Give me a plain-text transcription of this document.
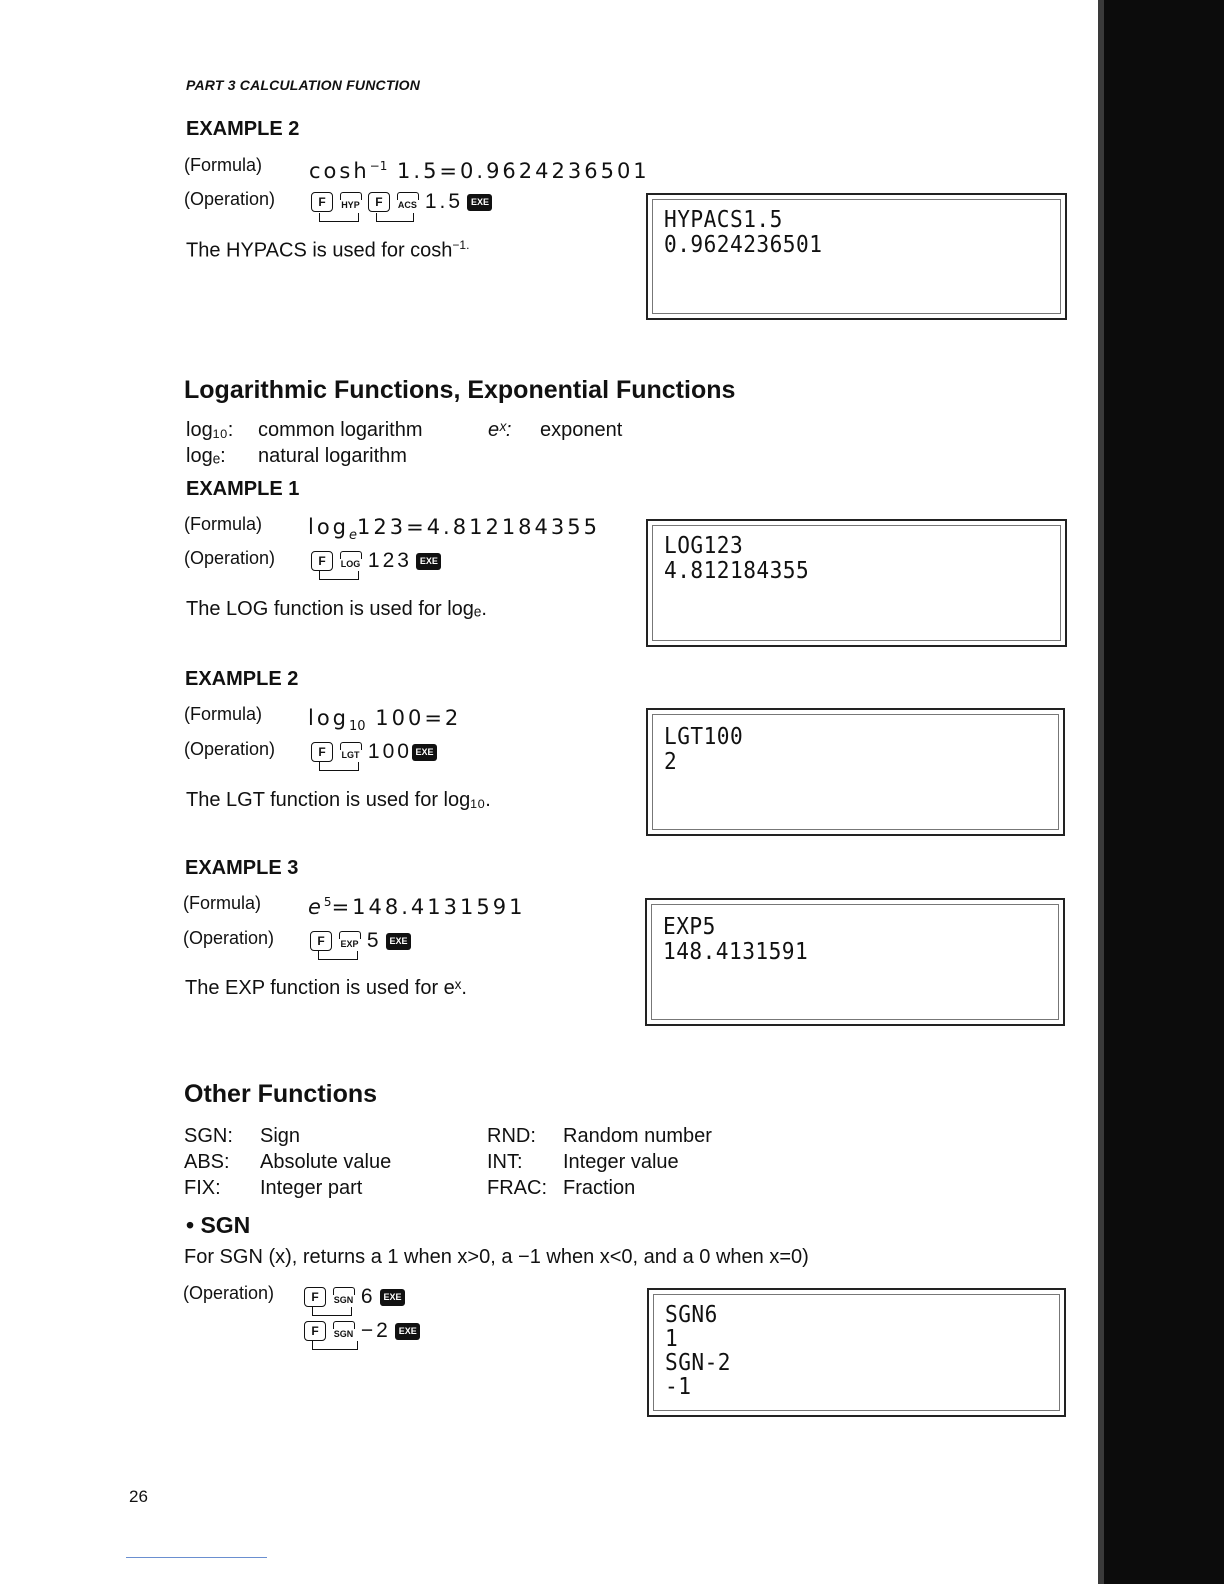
PART 3 CALCULATION FUNCTION
EXAMPLE 2
(Formula) $\cosh^{-1} 1.5=0.9624236501$
(Operation)	F	HYP	F	ACS 1.5 EXE
The HYPACS is used for $\cosh^{-1.}$
HYPACS1.5
0.9624236501
Logarithmic Functions, Exponential Functions
log₁₀: common logarithm	eˣ: exponent
logₑ: natural logarithm
EXAMPLE 1
(Formula) $\log_e123=4.812184355$
(Operation)	F	LOG 123 EXE
The LOG function is used for logₑ.
LOG123
4.812184355
EXAMPLE 2
(Formula) $\log_{10} 100=2$
(Operation)	F	LGT 100 EXE
The LGT function is used for log₁₀.
LGT100
2
EXAMPLE 3
(Formula) $e^5=148.4131591$
(Operation)	F	EXP 5 EXE
The EXP function is used for eˣ.
EXP5
148.4131591
Other Functions
SGN: Sign	RND: Random number
ABS: Absolute value	INT: Integer value
FIX: Integer part	FRAC: Fraction
• SGN
For SGN (x), returns a 1 when x>0, a −1 when x<0, and a 0 when x=0)
(Operation)	F	SGN 6 EXE
F	SGN −2 EXE
SGN6
1
SGN-2
-1
26
